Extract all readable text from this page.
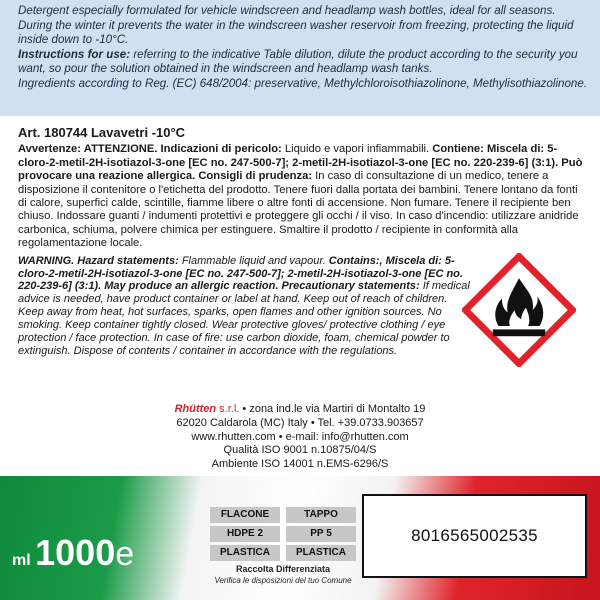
Detergent especially formulated for vehicle windscreen and headlamp wash bottles, ideal for all seasons. During the winter it prevents the water in the windscreen washer reservoir from freezing, protecting the liquid inside down to -10°C.

Instructions for use: referring to the indicative Table dilution, dilute the product according to the security you want, so pour the solution obtained in the windscreen and headlamp wash tanks.

Ingredients according to Reg. (EC) 648/2004: preservative, Methylchloroisothiazolinone, Methylisothiazolinone.

Art. 180744 Lavavetri -10°C
Avvertenze: ATTENZIONE. Indicazioni di pericolo: Liquido e vapori infiammabili. Contiene: Miscela di: 5-cloro-2-metil-2H-isotiazol-3-one [EC no. 247-500-7]; 2-metil-2H-isotiazol-3-one [EC no. 220-239-6] (3:1). Può provocare una reazione allergica. Consigli di prudenza: In caso di consultazione di un medico, tenere a disposizione il contenitore o l'etichetta del prodotto. Tenere fuori dalla portata dei bambini. Tenere lontano da fonti di calore, superfici calde, scintille, fiamme libere o altre fonti di accensione. Non fumare. Tenere il recipiente ben chiuso. Indossare guanti / indumenti protettivi e proteggere gli occhi / il viso. In caso d'incendio: utilizzare anidride carbonica, schiuma, polvere chimica per estinguere. Smaltire il prodotto / recipiente in conformità alla regolamentazione locale.
WARNING. Hazard statements: Flammable liquid and vapour. Contains:, Miscela di: 5-cloro-2-metil-2H-isotiazol-3-one [EC no. 247-500-7]; 2-metil-2H-isotiazol-3-one [EC no. 220-239-6] (3:1). May produce an allergic reaction. Precautionary statements: If medical advice is needed, have product container or label at hand. Keep out of reach of children. Keep away from heat, hot surfaces, sparks, open flames and other ignition sources. No smoking. Keep container tightly closed. Wear protective gloves/ protective clothing / eye protection / face protection. In case of fire: use carbon dioxide, foam, chemical powder to extinguish. Dispose of contents / container in accordance with the regulations.
Rhütten s.r.l. • zona ind.le via Martiri di Montalto 19
62020 Caldarola (MC) Italy • Tel. +39.0733.903657
www.rhutten.com • e-mail: info@rhutten.com
Qualità ISO 9001 n.10875/04/S
Ambiente ISO 14001 n.EMS-6296/S
ml 1000e
FLACONE	TAPPO
HDPE 2	PP 5
PLASTICA	PLASTICA
Raccolta Differenziata
Verifica le disposizioni del tuo Comune
8016565002535
